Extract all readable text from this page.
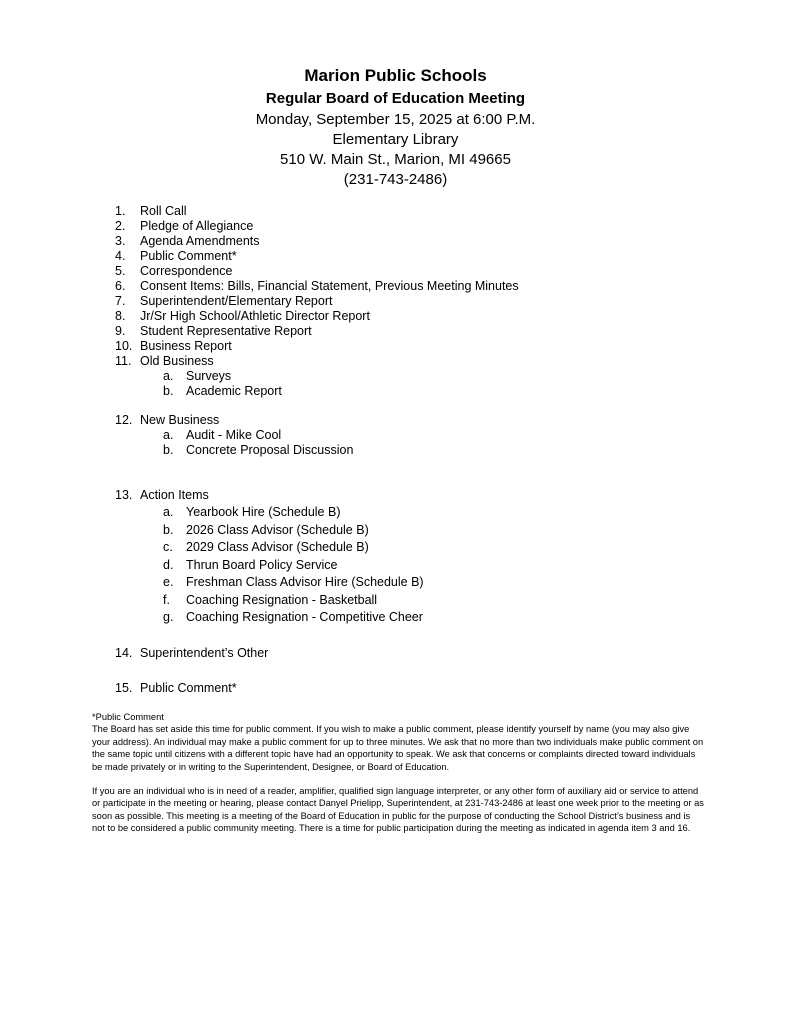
Marion Public Schools
Regular Board of Education Meeting
Monday, September 15, 2025 at 6:00 P.M.
Elementary Library
510 W. Main St., Marion, MI 49665
(231-743-2486)
1.	Roll Call
2.	Pledge of Allegiance
3.	Agenda Amendments
4.	Public Comment*
5.	Correspondence
6.	Consent Items: Bills, Financial Statement, Previous Meeting Minutes
7.	Superintendent/Elementary Report
8.	Jr/Sr High School/Athletic Director Report
9.	Student Representative Report
10. Business Report
11. Old Business
a.	Surveys
b.	Academic Report
12. New Business
a.	Audit - Mike Cool
b.	Concrete Proposal Discussion
13. Action Items
a.	Yearbook Hire (Schedule B)
b.	2026 Class Advisor (Schedule B)
c.	2029 Class Advisor (Schedule B)
d.	Thrun Board Policy Service
e.	Freshman Class Advisor Hire (Schedule B)
f.	Coaching Resignation - Basketball
g.	Coaching Resignation - Competitive Cheer
14. Superintendent’s Other
15. Public Comment*

*Public Comment

The Board has set aside this time for public comment. If you wish to make a public comment, please identify yourself by name (you may also give your address). An individual may make a public comment for up to three minutes. We ask that no more than two individuals make public comment on the same topic until citizens with a different topic have had an opportunity to speak. We ask that concerns or complaints directed toward individuals be made privately or in writing to the Superintendent, Designee, or Board of Education.

If you are an individual who is in need of a reader, amplifier, qualified sign language interpreter, or any other form of auxiliary aid or service to attend or participate in the meeting or hearing, please contact Danyel Prielipp, Superintendent, at 231-743-2486 at least one week prior to the meeting or as soon as possible. This meeting is a meeting of the Board of Education in public for the purpose of conducting the School District’s business and is not to be considered a public community meeting. There is a time for public participation during the meeting as indicated in agenda item 3 and 16.
